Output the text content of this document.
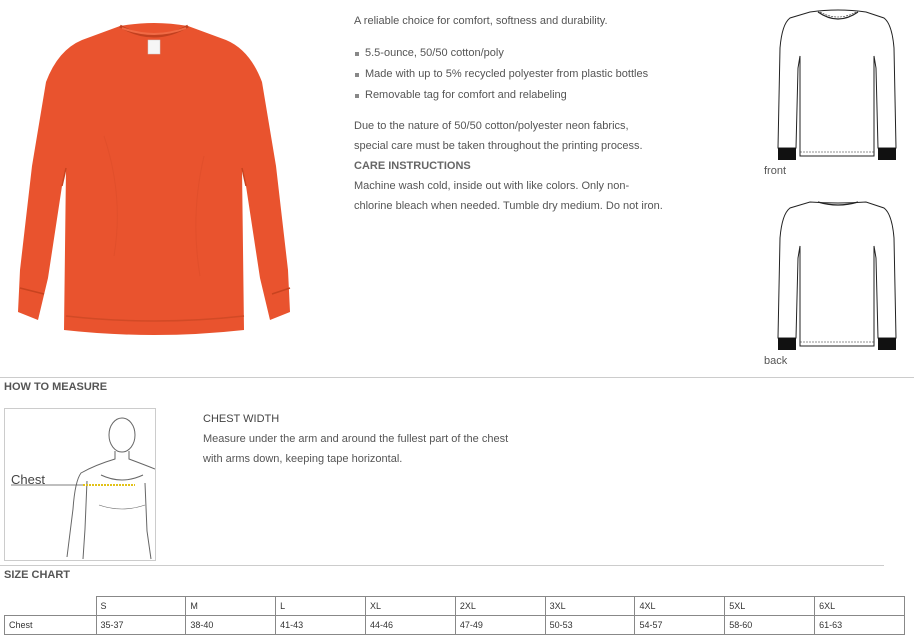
A reliable choice for comfort, softness and durability.
5.5-ounce, 50/50 cotton/poly
Made with up to 5% recycled polyester from plastic bottles
Removable tag for comfort and relabeling
Due to the nature of 50/50 cotton/polyester neon fabrics, special care must be taken throughout the printing process.
CARE INSTRUCTIONS
Machine wash cold, inside out with like colors. Only non-chlorine bleach when needed. Tumble dry medium. Do not iron.
front
back
HOW TO MEASURE
Chest
CHEST WIDTH
Measure under the arm and around the fullest part of the chest with arms down, keeping tape horizontal.
SIZE CHART
	S	M	L	XL	2XL	3XL	4XL	5XL	6XL
Chest	35-37	38-40	41-43	44-46	47-49	50-53	54-57	58-60	61-63
